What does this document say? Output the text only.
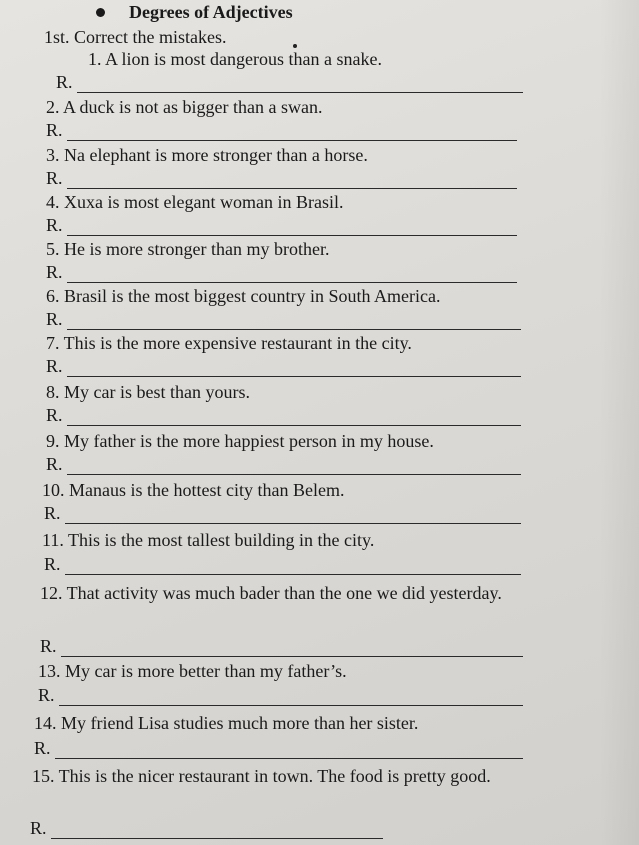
Degrees of Adjectives
1st. Correct the mistakes.
1. A lion is most dangerous than a snake.
R.
2. A duck is not as bigger than a swan.
R.
3. Na elephant is more stronger than a horse.
R.
4. Xuxa is most elegant woman in Brasil.
R.
5. He is more stronger than my brother.
R.
6. Brasil is the most biggest country in South America.
R.
7. This is the more expensive restaurant in the city.
R.
8. My car is best than yours.
R.
9. My father is the more happiest person in my house.
R.
10. Manaus is the hottest city than Belem.
R.
11. This is the most tallest building in the city.
R.
12. That activity was much bader than the one we did yesterday.
R.
13. My car is more better than my father’s.
R.
14. My friend Lisa studies much more than her sister.
R.
15. This is the nicer restaurant in town. The food is pretty good.
R.
